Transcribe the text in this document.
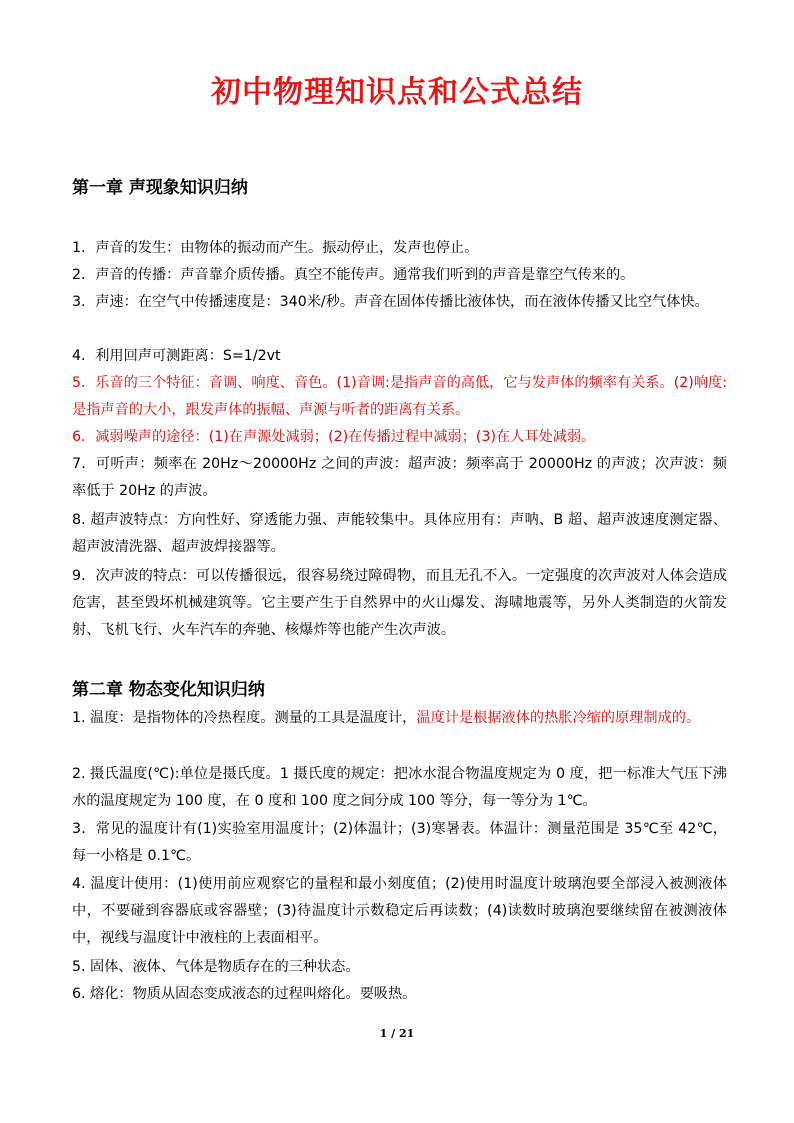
初中物理知识点和公式总结
第一章 声现象知识归纳

1．声音的发生：由物体的振动而产生。振动停止，发声也停止。

2．声音的传播：声音靠介质传播。真空不能传声。通常我们听到的声音是靠空气传来的。

3．声速：在空气中传播速度是：340米/秒。声音在固体传播比液体快，而在液体传播又比空气体快。

4．利用回声可测距离：S=1/2vt

5．乐音的三个特征：音调、响度、音色。(1)音调:是指声音的高低，它与发声体的频率有关系。(2)响度:是指声音的大小，跟发声体的振幅、声源与听者的距离有关系。

6．减弱噪声的途径：(1)在声源处减弱；(2)在传播过程中减弱；(3)在人耳处减弱。

7．可听声：频率在 20Hz～20000Hz 之间的声波：超声波：频率高于 20000Hz 的声波；次声波：频率低于 20Hz 的声波。

8. 超声波特点：方向性好、穿透能力强、声能较集中。具体应用有：声呐、B 超、超声波速度测定器、超声波清洗器、超声波焊接器等。

9．次声波的特点：可以传播很远，很容易绕过障碍物，而且无孔不入。一定强度的次声波对人体会造成危害，甚至毁坏机械建筑等。它主要产生于自然界中的火山爆发、海啸地震等，另外人类制造的火箭发射、飞机飞行、火车汽车的奔驰、核爆炸等也能产生次声波。

第二章 物态变化知识归纳

1. 温度：是指物体的冷热程度。测量的工具是温度计，温度计是根据液体的热胀冷缩的原理制成的。

2. 摄氏温度(℃):单位是摄氏度。1 摄氏度的规定：把冰水混合物温度规定为 0 度，把一标准大气压下沸水的温度规定为 100 度，在 0 度和 100 度之间分成 100 等分，每一等分为 1℃。

3．常见的温度计有(1)实验室用温度计；(2)体温计；(3)寒暑表。体温计：测量范围是 35℃至 42℃，每一小格是 0.1℃。

4. 温度计使用：(1)使用前应观察它的量程和最小刻度值；(2)使用时温度计玻璃泡要全部浸入被测液体中，不要碰到容器底或容器壁；(3)待温度计示数稳定后再读数；(4)读数时玻璃泡要继续留在被测液体中，视线与温度计中液柱的上表面相平。

5. 固体、液体、气体是物质存在的三种状态。

6. 熔化：物质从固态变成液态的过程叫熔化。要吸热。

1 / 21
